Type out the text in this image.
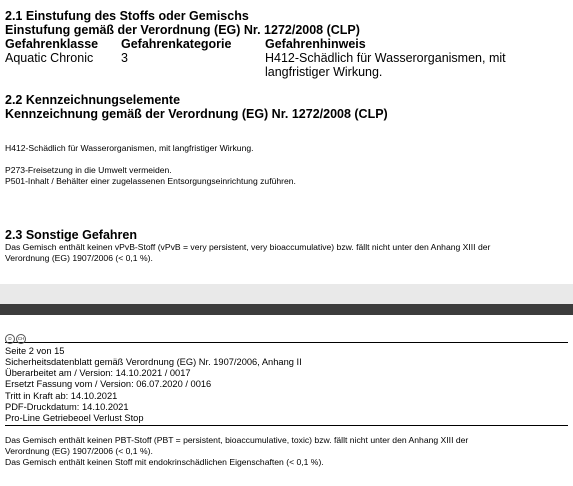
2.1 Einstufung des Stoffs oder Gemischs
Einstufung gemäß der Verordnung (EG) Nr. 1272/2008 (CLP)
Gefahrenklasse Gefahrenkategorie	Gefahrenhinweis
Aquatic Chronic 3	H412-Schädlich für Wasserorganismen, mit langfristiger Wirkung.
2.2 Kennzeichnungselemente
Kennzeichnung gemäß der Verordnung (EG) Nr. 1272/2008 (CLP)
H412-Schädlich für Wasserorganismen, mit langfristiger Wirkung.
P273-Freisetzung in die Umwelt vermeiden.
P501-Inhalt / Behälter einer zugelassenen Entsorgungseinrichtung zuführen.
2.3 Sonstige Gefahren
Das Gemisch enthält keinen vPvB-Stoff (vPvB = very persistent, very bioaccumulative) bzw. fällt nicht unter den Anhang XIII der
Verordnung (EG) 1907/2006 (< 0,1 %).
D	CH
Seite 2 von 15
Sicherheitsdatenblatt gemäß Verordnung (EG) Nr. 1907/2006, Anhang II
Überarbeitet am / Version: 14.10.2021 / 0017
Ersetzt Fassung vom / Version: 06.07.2020 / 0016
Tritt in Kraft ab: 14.10.2021
PDF-Druckdatum: 14.10.2021
Pro-Line Getriebeoel Verlust Stop
Das Gemisch enthält keinen PBT-Stoff (PBT = persistent, bioaccumulative, toxic) bzw. fällt nicht unter den Anhang XIII der
Verordnung (EG) 1907/2006 (< 0,1 %).
Das Gemisch enthält keinen Stoff mit endokrinschädlichen Eigenschaften (< 0,1 %).
